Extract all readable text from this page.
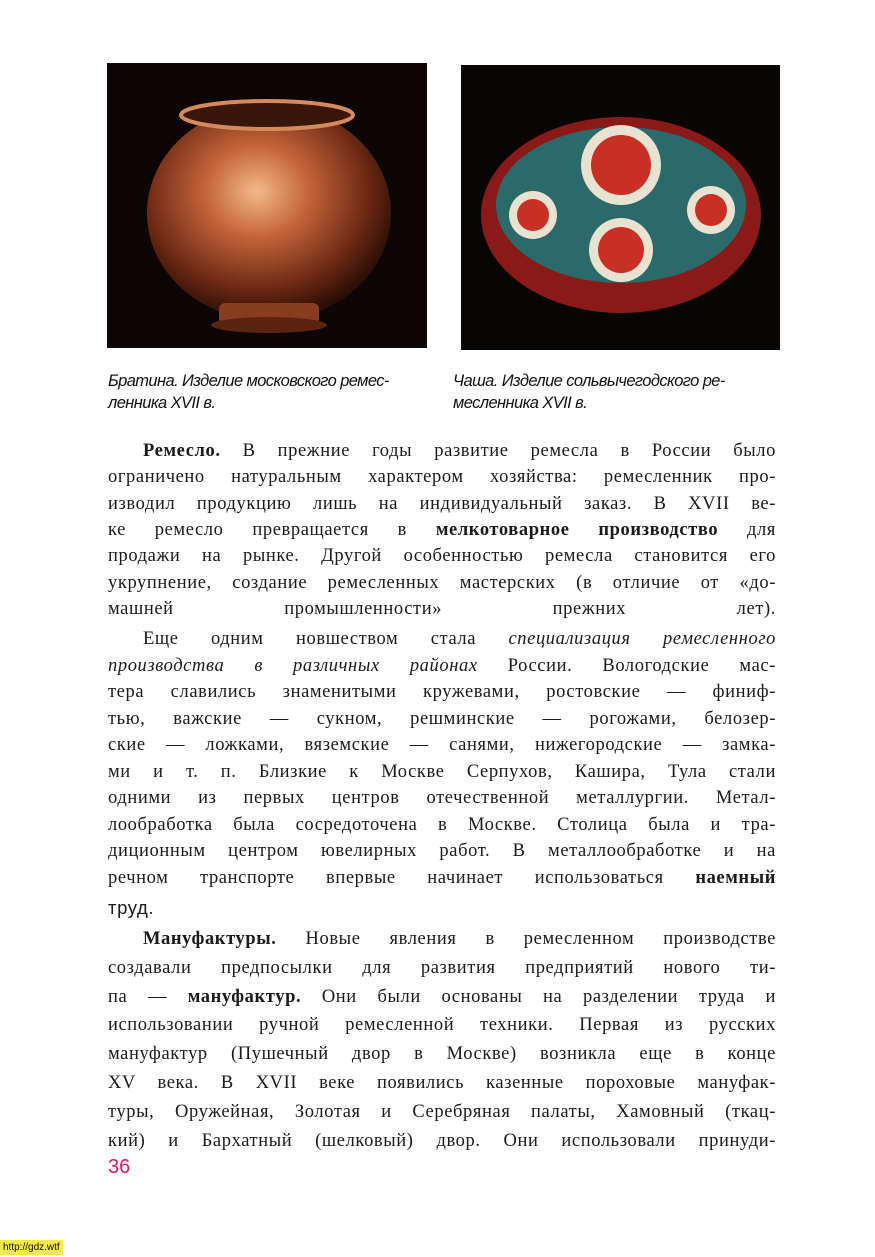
Братина. Изделие московского ремес-
ленника XVII в.
Чаша. Изделие сольвычегодского ре-
месленника XVII в.
Ремесло. В прежние годы развитие ремесла в России было
ограничено натуральным характером хозяйства: ремесленник про-
изводил продукцию лишь на индивидуальный заказ. В XVII ве-
ке ремесло превращается в мелкотоварное производство для
продажи на рынке. Другой особенностью ремесла становится его
укрупнение, создание ремесленных мастерских (в отличие от «до-
машней промышленности» прежних лет).
Еще одним новшеством стала специализация ремесленного
производства в различных районах России. Вологодские мас-
тера славились знаменитыми кружевами, ростовские — финиф-
тью, важские — сукном, решминские — рогожами, белозер-
ские — ложками, вяземские — санями, нижегородские — замка-
ми и т. п. Близкие к Москве Серпухов, Кашира, Тула стали
одними из первых центров отечественной металлургии. Метал-
лообработка была сосредоточена в Москве. Столица была и тра-
диционным центром ювелирных работ. В металлообработке и на
речном транспорте впервые начинает использоваться наемный
труд.
Мануфактуры. Новые явления в ремесленном производстве
создавали предпосылки для развития предприятий нового ти-
па — мануфактур. Они были основаны на разделении труда и
использовании ручной ремесленной техники. Первая из русских
мануфактур (Пушечный двор в Москве) возникла еще в конце
XV века. В XVII веке появились казенные пороховые мануфак-
туры, Оружейная, Золотая и Серебряная палаты, Хамовный (ткац-
кий) и Бархатный (шелковый) двор. Они использовали принуди-
36
http://gdz.wtf
